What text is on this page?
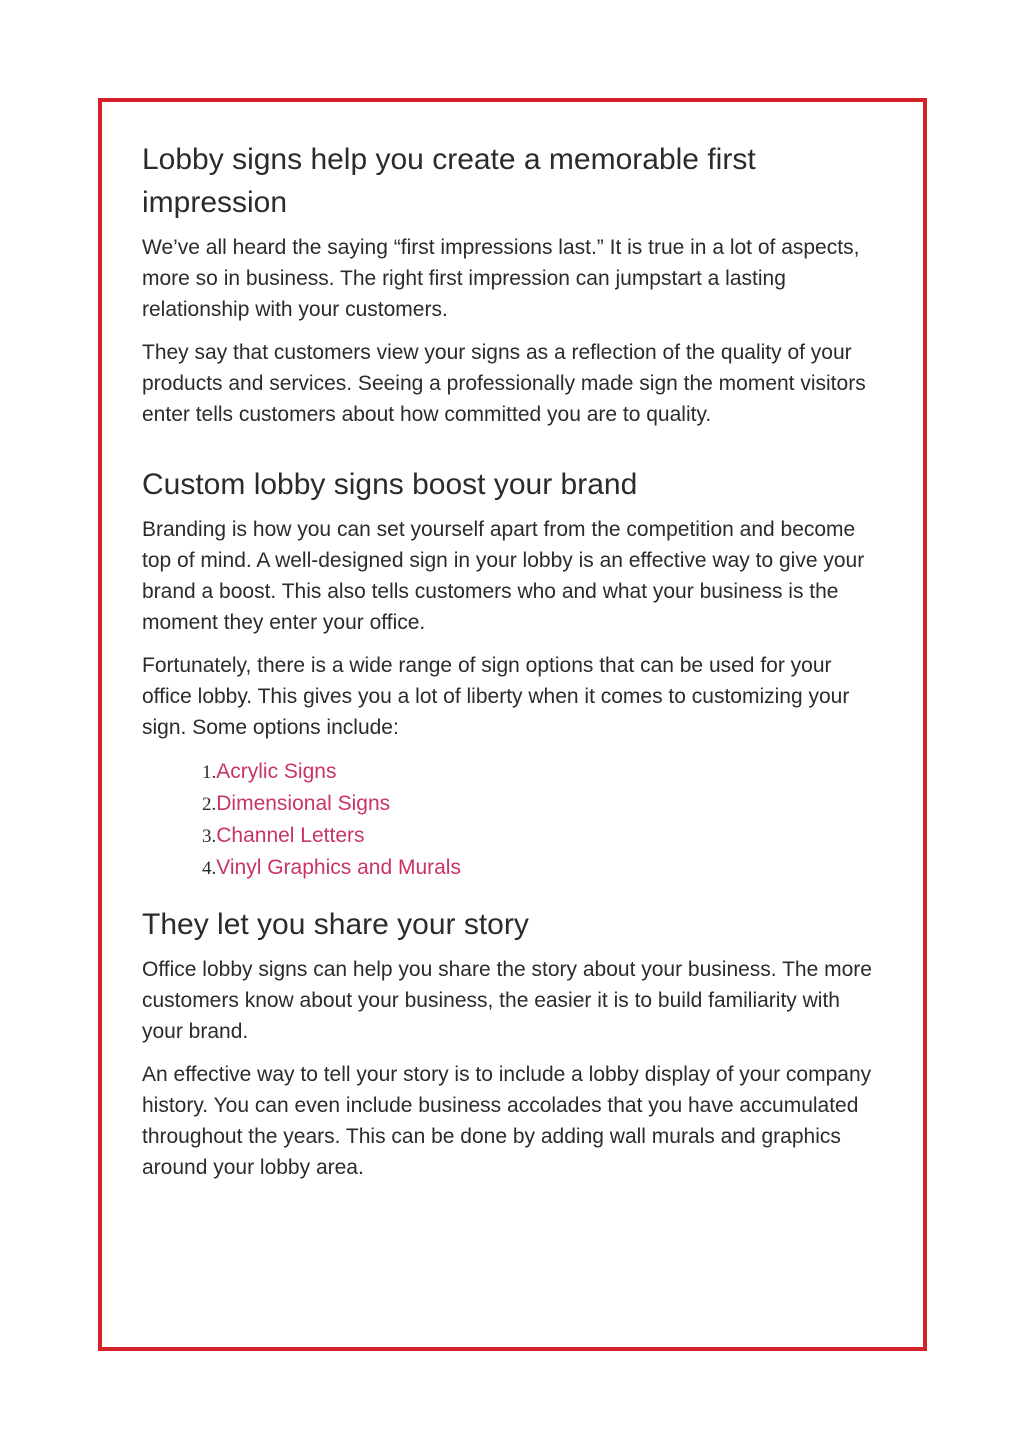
Lobby signs help you create a memorable first impression

We’ve all heard the saying “first impressions last.” It is true in a lot of aspects, more so in business. The right first impression can jumpstart a lasting relationship with your customers.

They say that customers view your signs as a reflection of the quality of your products and services. Seeing a professionally made sign the moment visitors enter tells customers about how committed you are to quality.

Custom lobby signs boost your brand

Branding is how you can set yourself apart from the competition and become top of mind. A well-designed sign in your lobby is an effective way to give your brand a boost. This also tells customers who and what your business is the moment they enter your office.

Fortunately, there is a wide range of sign options that can be used for your office lobby. This gives you a lot of liberty when it comes to customizing your sign. Some options include:

1.Acrylic Signs
2.Dimensional Signs
3.Channel Letters
4.Vinyl Graphics and Murals
They let you share your story

Office lobby signs can help you share the story about your business. The more customers know about your business, the easier it is to build familiarity with your brand.

An effective way to tell your story is to include a lobby display of your company history. You can even include business accolades that you have accumulated throughout the years. This can be done by adding wall murals and graphics around your lobby area.
